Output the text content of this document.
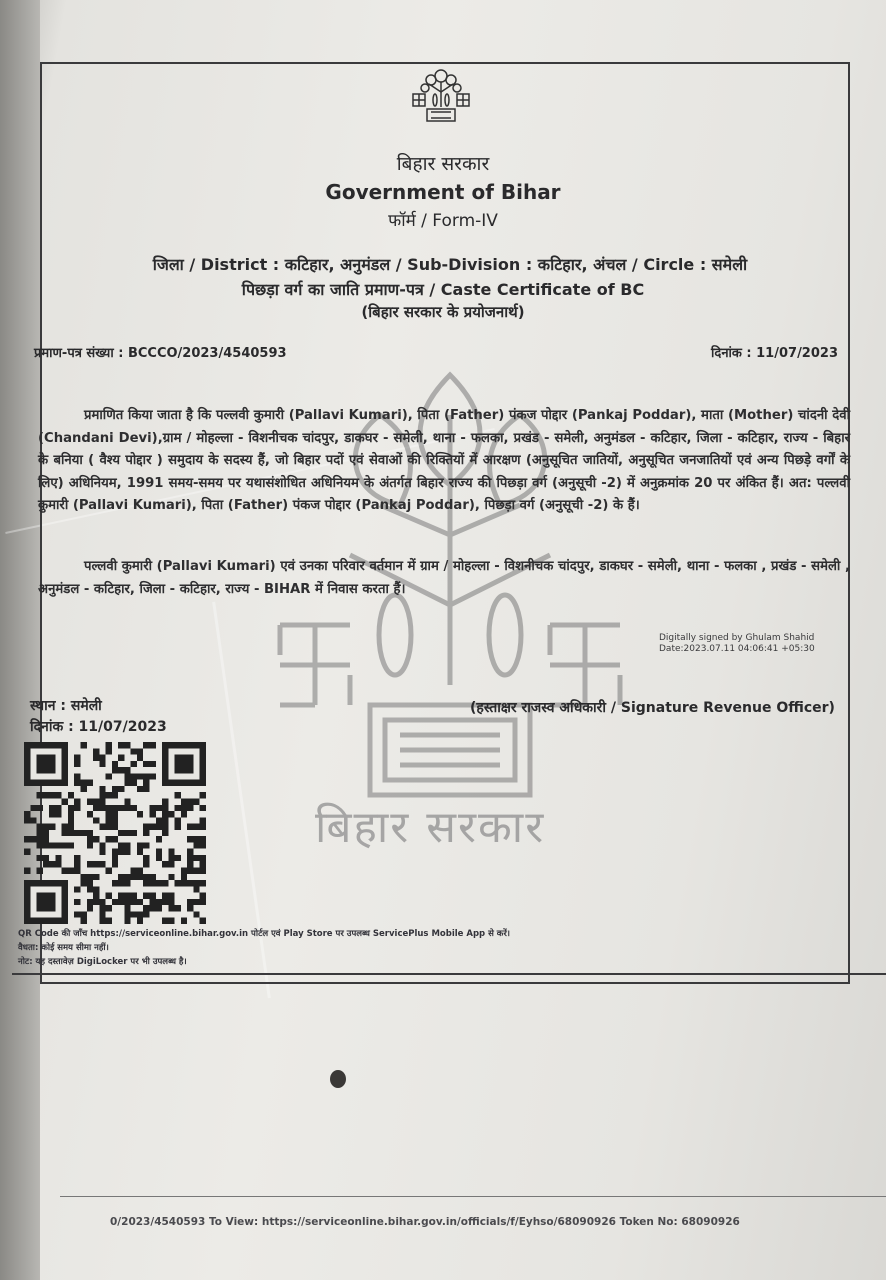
बिहार सरकार
बिहार सरकार
Government of Bihar
फॉर्म / Form-IV
जिला / District : कटिहार, अनुमंडल / Sub-Division : कटिहार, अंचल / Circle : समेली
पिछड़ा वर्ग का जाति प्रमाण-पत्र / Caste Certificate of BC
(बिहार सरकार के प्रयोजनार्थ)
प्रमाण-पत्र संख्या : BCCCO/2023/4540593	दिनांक : 11/07/2023
प्रमाणित किया जाता है कि पल्लवी कुमारी (Pallavi Kumari), पिता (Father) पंकज पोद्दार (Pankaj Poddar), माता (Mother) चांदनी देवी (Chandani Devi),ग्राम / मोहल्ला - विशनीचक चांदपुर, डाकघर - समेली, थाना - फलका, प्रखंड - समेली, अनुमंडल - कटिहार, जिला - कटिहार, राज्य - बिहार के बनिया ( वैश्य पोद्दार ) समुदाय के सदस्य हैं, जो बिहार पदों एवं सेवाओं की रिक्तियों में आरक्षण (अनुसूचित जातियों, अनुसूचित जनजातियों एवं अन्य पिछड़े वर्गों के लिए) अधिनियम, 1991 समय-समय पर यथासंशोधित अधिनियम के अंतर्गत बिहार राज्य की पिछड़ा वर्ग (अनुसूची -2) में अनुक्रमांक 20 पर अंकित हैं। अत: पल्लवी कुमारी (Pallavi Kumari), पिता (Father) पंकज पोद्दार (Pankaj Poddar), पिछड़ा वर्ग (अनुसूची -2) के हैं।
पल्लवी कुमारी (Pallavi Kumari) एवं उनका परिवार वर्तमान में ग्राम / मोहल्ला - विशनीचक चांदपुर, डाकघर - समेली, थाना - फलका , प्रखंड - समेली , अनुमंडल - कटिहार, जिला - कटिहार, राज्य - BIHAR में निवास करता हैं।
Digitally signed by Ghulam Shahid
Date:2023.07.11 04:06:41 +05:30
स्थान : समेली
दिनांक : 11/07/2023
(हस्ताक्षर राजस्व अधिकारी / Signature Revenue Officer)
QR Code की जाँच https://serviceonline.bihar.gov.in पोर्टल एवं Play Store पर उपलब्ध ServicePlus Mobile App से करें।
वैधता: कोई समय सीमा नहीं।
नोट: यह दस्तावेज़ DigiLocker पर भी उपलब्ध है।
0/2023/4540593 To View: https://serviceonline.bihar.gov.in/officials/f/Eyhso/68090926 Token No: 68090926
